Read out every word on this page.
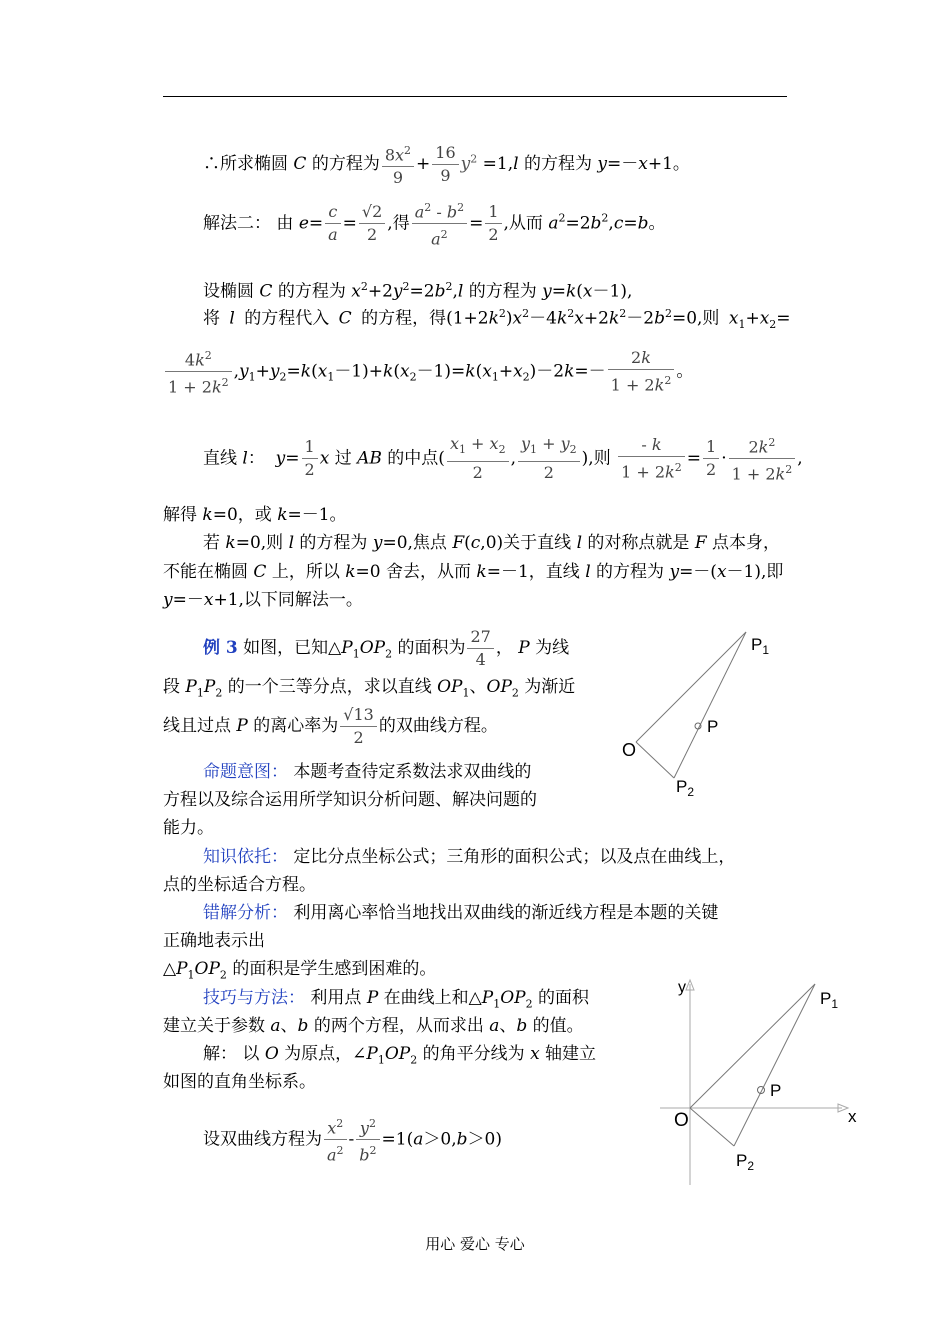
∴所求椭圆 C 的方程为 $\frac{8x^2}{9} + \frac{16}{9} y^2 =1,l$ 的方程为 y=－x+1。
解法二： 由 $e= \frac{c}{a} = \frac{√2}{2}$ ,得 $\frac{a^2 - b^2}{a^2} = \frac{1}{2}$ ,从而 $a^2=2b^2,c=b$。
设椭圆 C 的方程为 $x^2+2y^2=2b^2,l$ 的方程为 y=k(x－1),
将 l 的方程代入 C 的方程，得$(1+2k^2)x^2-4k^2x+2k^2-2b^2=0$,则 $x_1+x_2=$
$\frac{4k^2}{1 + 2k^2} ,y_1+y_2=k(x_1-1)+k(x_2-1)=k(x_1+x_2)-2k=- \frac{2k}{1 + 2k^2}$ 。
直线 l：  $y= \frac{1}{2}$ x 过 AB 的中点( $\frac{x_1 + x_2}{2}$ , $\frac{y_1 + y_2}{2}$ ),则 $\frac{- k}{1 + 2k^2} = \frac{1}{2} \cdot \frac{2k^2}{1 + 2k^2}$ ,
解得 k=0，或 k=－1。
若 k=0,则 l 的方程为 y=0,焦点 F(c,0)关于直线 l 的对称点就是 F 点本身，
不能在椭圆 C 上，所以 k=0 舍去，从而 k=－1，直线 l 的方程为 y=－(x－1),即
y=－x+1,以下同解法一。
例 3 如图，已知$\triangle P_1OP_2$ 的面积为 $\frac{27}{4}$ ， P 为线
段 $P_1P_2$ 的一个三等分点，求以直线 $OP_1$、$OP_2$ 为渐近
线且过点 P 的离心率为 $\frac{√13}{2}$ 的双曲线方程。
命题意图： 本题考查待定系数法求双曲线的
方程以及综合运用所学知识分析问题、解决问题的
能力。
知识依托： 定比分点坐标公式；三角形的面积公式；以及点在曲线上，
点的坐标适合方程。
错解分析： 利用离心率恰当地找出双曲线的渐近线方程是本题的关键
正确地表示出
$\triangle P_1OP_2$ 的面积是学生感到困难的。
技巧与方法： 利用点 P 在曲线上和$\triangle P_1OP_2$ 的面积
建立关于参数 a、b 的两个方程，从而求出 a、b 的值。
解： 以 O 为原点，$\angle P_1OP_2$ 的角平分线为 x 轴建立
如图的直角坐标系。
设双曲线方程为 $\frac{x^2}{a^2} - \frac{y^2}{b^2} =1(a>0,b>0)$
$P_1$
P
O
$P_2$
y
x
$P_1$
P
O
$P_2$
用心 爱心 专心
